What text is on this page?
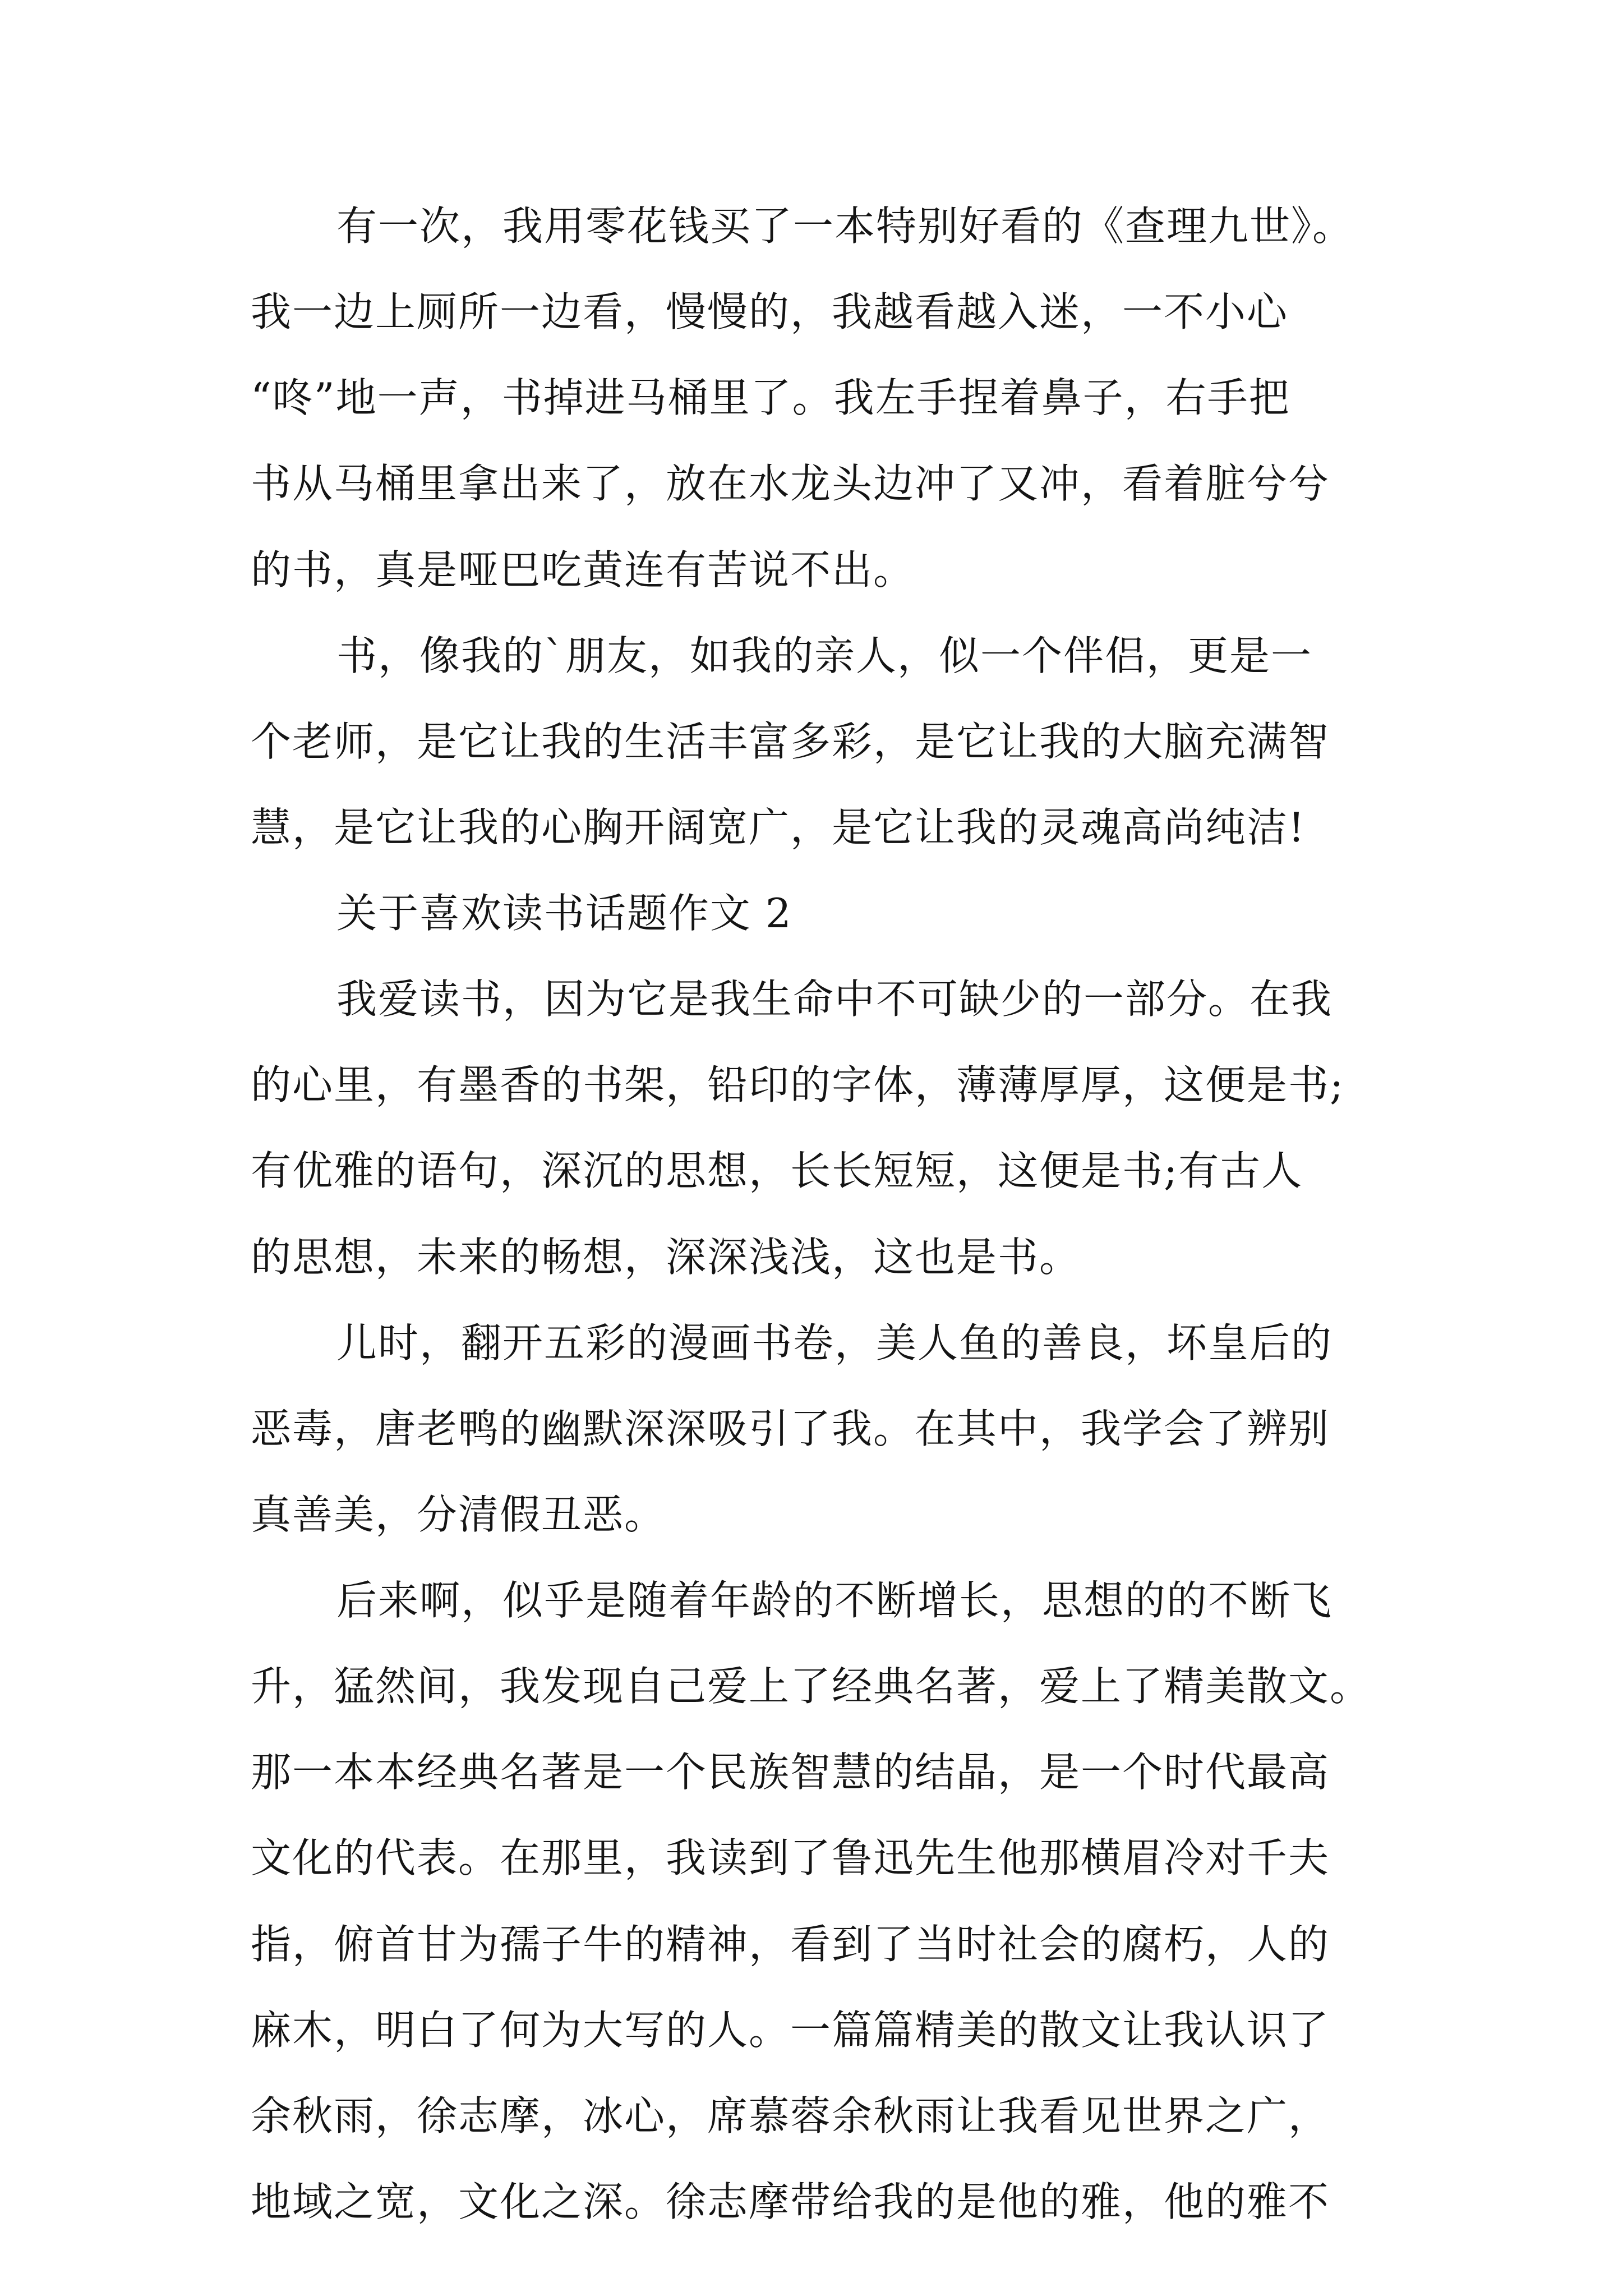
有一次，我用零花钱买了一本特别好看的《查理九世》。
我一边上厕所一边看，慢慢的，我越看越入迷，一不小心
“咚”地一声，书掉进马桶里了。我左手捏着鼻子，右手把
书从马桶里拿出来了，放在水龙头边冲了又冲，看着脏兮兮
的书，真是哑巴吃黄连有苦说不出。
书，像我的`朋友，如我的亲人，似一个伴侣，更是一
个老师，是它让我的生活丰富多彩，是它让我的大脑充满智
慧，是它让我的心胸开阔宽广，是它让我的灵魂高尚纯洁!
关于喜欢读书话题作文 2
我爱读书，因为它是我生命中不可缺少的一部分。在我
的心里，有墨香的书架，铅印的字体，薄薄厚厚，这便是书;
有优雅的语句，深沉的思想，长长短短，这便是书;有古人
的思想，未来的畅想，深深浅浅，这也是书。
儿时，翻开五彩的漫画书卷，美人鱼的善良，坏皇后的
恶毒，唐老鸭的幽默深深吸引了我。在其中，我学会了辨别
真善美，分清假丑恶。
后来啊，似乎是随着年龄的不断增长，思想的的不断飞
升，猛然间，我发现自己爱上了经典名著，爱上了精美散文。
那一本本经典名著是一个民族智慧的结晶，是一个时代最高
文化的代表。在那里，我读到了鲁迅先生他那横眉冷对千夫
指，俯首甘为孺子牛的精神，看到了当时社会的腐朽，人的
麻木，明白了何为大写的人。一篇篇精美的散文让我认识了
余秋雨，徐志摩，冰心，席慕蓉余秋雨让我看见世界之广，
地域之宽，文化之深。徐志摩带给我的是他的雅，他的雅不
